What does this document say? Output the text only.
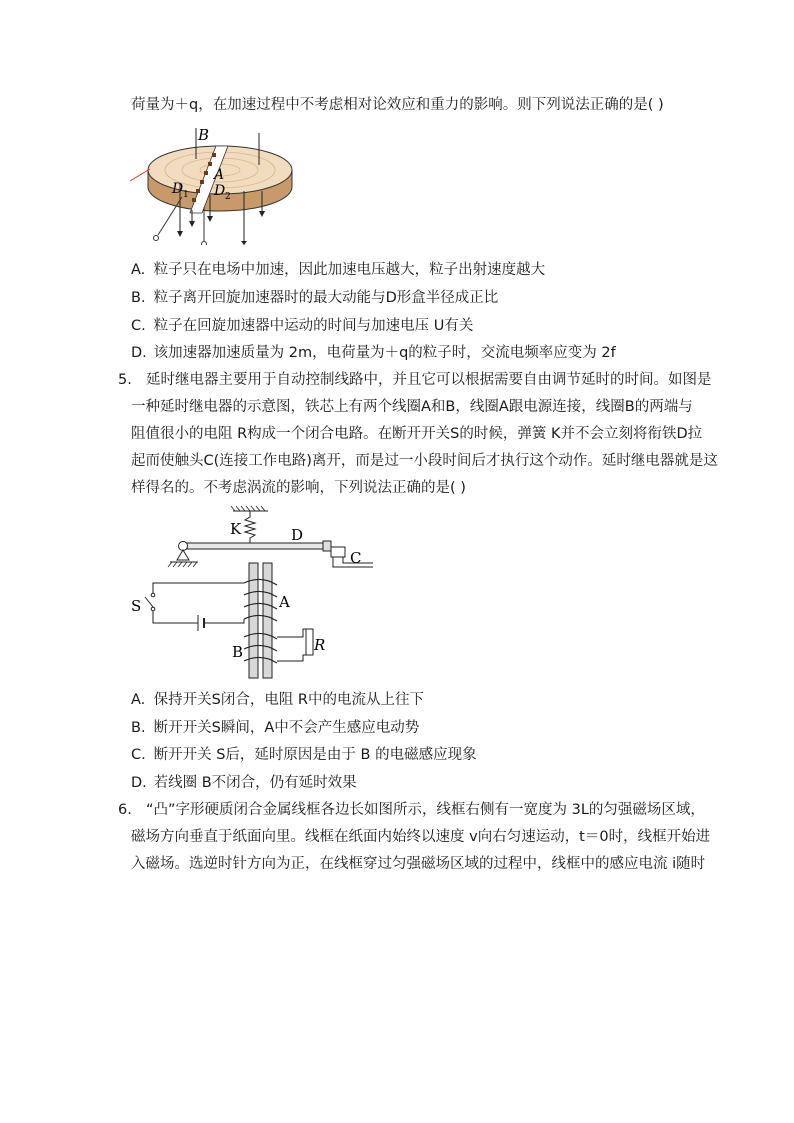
荷量为＋q，在加速过程中不考虑相对论效应和重力的影响。则下列说法正确的是( )
B
A
D 1 D 2
A. 粒子只在电场中加速，因此加速电压越大，粒子出射速度越大
B. 粒子离开回旋加速器时的最大动能与D形盒半径成正比
C. 粒子在回旋加速器中运动的时间与加速电压 U有关
D. 该加速器加速质量为 2m，电荷量为＋q的粒子时，交流电频率应变为 2f
5. 延时继电器主要用于自动控制线路中，并且它可以根据需要自由调节延时的时间。如图是
一种延时继电器的示意图，铁芯上有两个线圈A和B，线圈A跟电源连接，线圈B的两端与
阻值很小的电阻 R构成一个闭合电路。在断开开关S的时候，弹簧 K并不会立刻将衔铁D拉
起而使触头C(连接工作电路)离开，而是过一小段时间后才执行这个动作。延时继电器就是这
样得名的。不考虑涡流的影响，下列说法正确的是( )
K	D
C
S	A
B	R
A. 保持开关S闭合，电阻 R中的电流从上往下
B. 断开开关S瞬间，A中不会产生感应电动势
C. 断开开关 S后，延时原因是由于 B 的电磁感应现象
D. 若线圈 B不闭合，仍有延时效果
6. “凸”字形硬质闭合金属线框各边长如图所示，线框右侧有一宽度为 3L的匀强磁场区域，
磁场方向垂直于纸面向里。线框在纸面内始终以速度 v向右匀速运动，t＝0时，线框开始进
入磁场。选逆时针方向为正，在线框穿过匀强磁场区域的过程中，线框中的感应电流 i随时
